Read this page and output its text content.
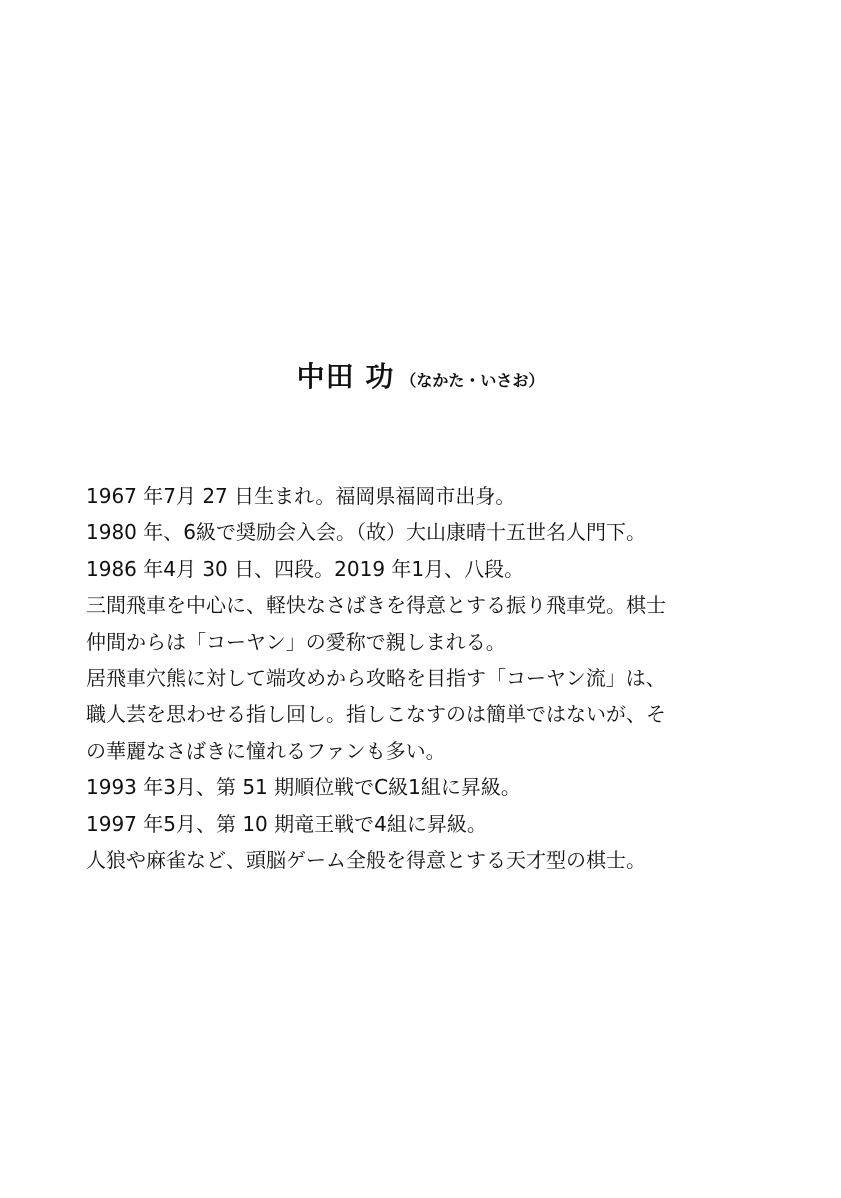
中田 功 （なかた・いさお）
1967 年7月 27 日生まれ。福岡県福岡市出身。
1980 年、6級で奨励会入会。（故）大山康晴十五世名人門下。
1986 年4月 30 日、四段。2019 年1月、八段。
三間飛車を中心に、軽快なさばきを得意とする振り飛車党。棋士
仲間からは「コーヤン」の愛称で親しまれる。
居飛車穴熊に対して端攻めから攻略を目指す「コーヤン流」は、
職人芸を思わせる指し回し。指しこなすのは簡単ではないが、そ
の華麗なさばきに憧れるファンも多い。
1993 年3月、第 51 期順位戦でC級1組に昇級。
1997 年5月、第 10 期竜王戦で4組に昇級。
人狼や麻雀など、頭脳ゲーム全般を得意とする天才型の棋士。
